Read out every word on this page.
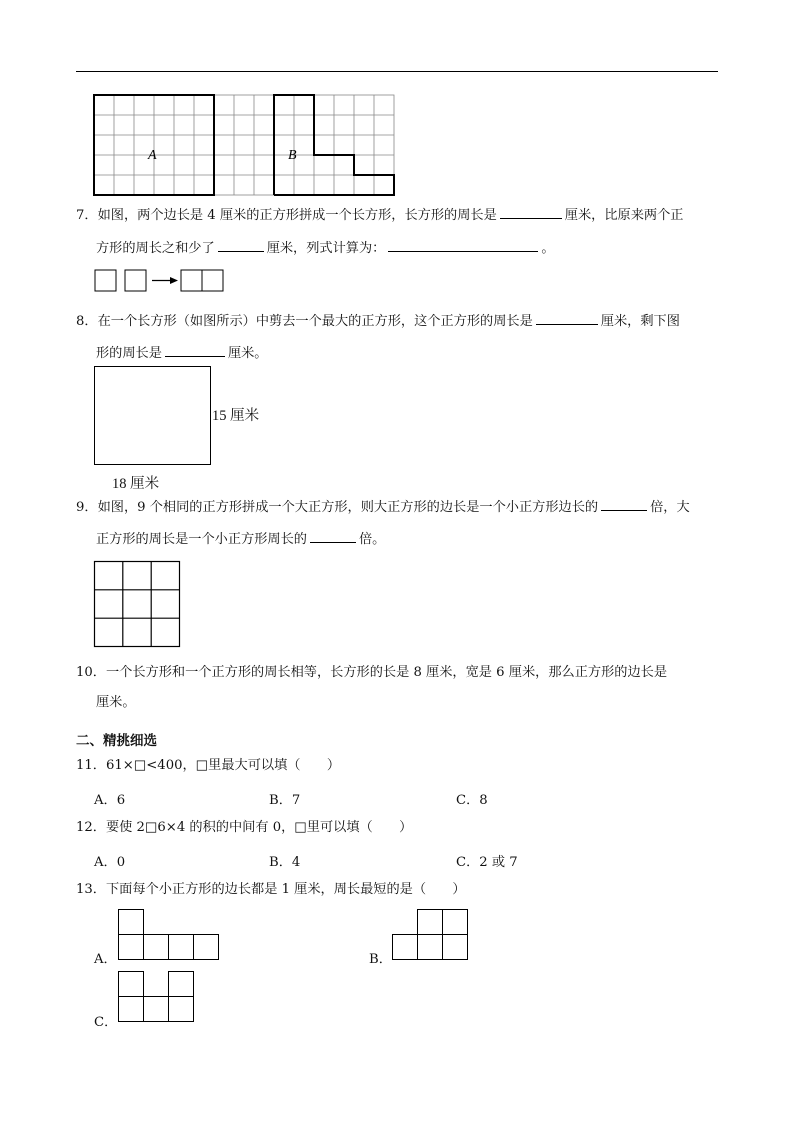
A	B
7．如图，两个边长是 4 厘米的正方形拼成一个长方形，长方形的周长是	厘米，比原来两个正
方形的周长之和少了	厘米，列式计算为：	。
8．在一个长方形（如图所示）中剪去一个最大的正方形，这个正方形的周长是	厘米，剩下图
形的周长是	厘米。
15 厘米
18 厘米
9．如图，9 个相同的正方形拼成一个大正方形，则大正方形的边长是一个小正方形边长的	倍，大
正方形的周长是一个小正方形周长的	倍。
10．一个长方形和一个正方形的周长相等，长方形的长是 8 厘米，宽是 6 厘米，那么正方形的边长是
厘米。
二、精挑细选
11．61×□<400，□里最大可以填（　　）
A．6	B．7	C．8
12．要使 2□6×4 的积的中间有 0，□里可以填（　　）
A．0	B．4	C．2 或 7
13．下面每个小正方形的边长都是 1 厘米，周长最短的是（　　）
A．	B．
C．
